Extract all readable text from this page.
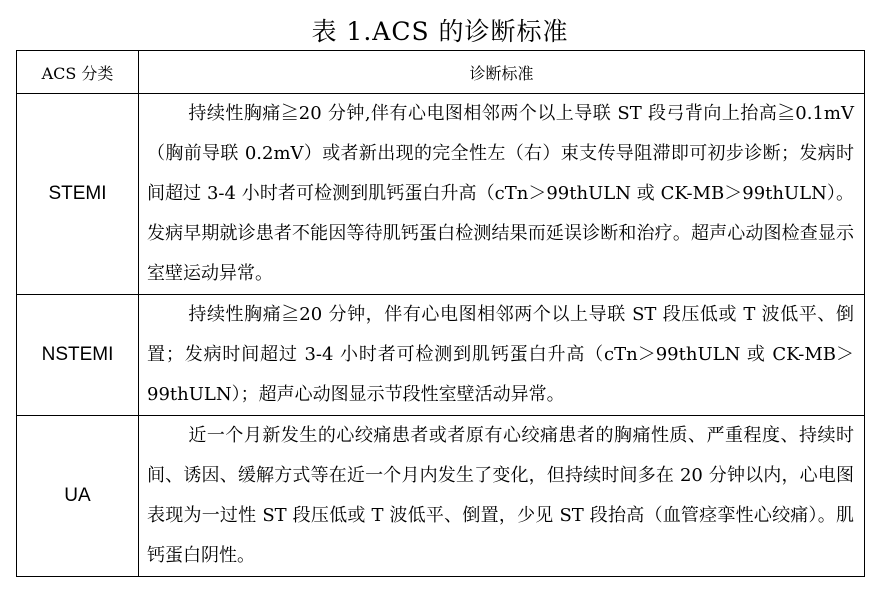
表 1.ACS 的诊断标准
ACS 分类	诊断标准
STEMI	持续性胸痛≧20 分钟,伴有心电图相邻两个以上导联 ST 段弓背向上抬高≧0.1mV（胸前导联 0.2mV）或者新出现的完全性左（右）束支传导阻滞即可初步诊断；发病时间超过 3-4 小时者可检测到肌钙蛋白升高（cTn＞99thULN 或 CK-MB＞99thULN）。发病早期就诊患者不能因等待肌钙蛋白检测结果而延误诊断和治疗。超声心动图检查显示室壁运动异常。

NSTEMI	持续性胸痛≧20 分钟，伴有心电图相邻两个以上导联 ST 段压低或 T 波低平、倒置；发病时间超过 3-4 小时者可检测到肌钙蛋白升高（cTn＞99thULN 或 CK-MB＞99thULN）；超声心动图显示节段性室壁活动异常。

UA	近一个月新发生的心绞痛患者或者原有心绞痛患者的胸痛性质、严重程度、持续时间、诱因、缓解方式等在近一个月内发生了变化，但持续时间多在 20 分钟以内，心电图表现为一过性 ST 段压低或 T 波低平、倒置，少见 ST 段抬高（血管痉挛性心绞痛）。肌钙蛋白阴性。
